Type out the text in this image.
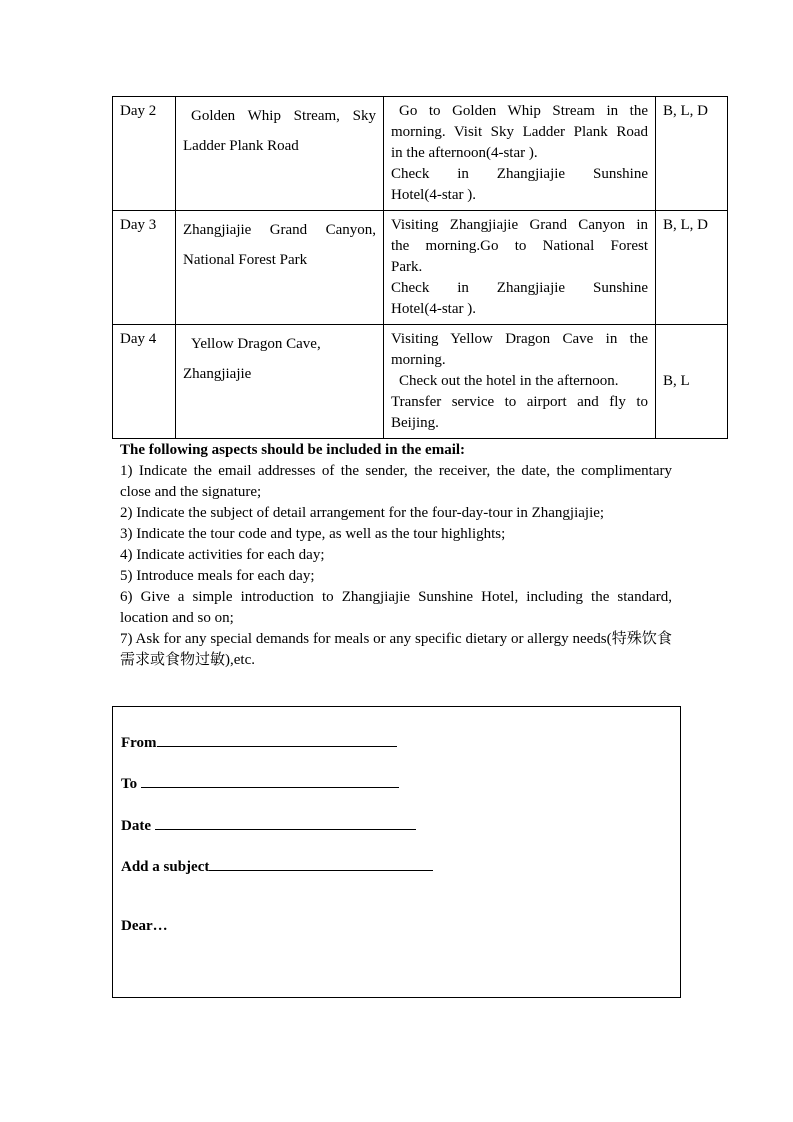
Day 2	Golden Whip Stream, Sky
Ladder Plank Road	Go to Golden Whip Stream in the
morning. Visit Sky Ladder Plank Road
in the afternoon(4-star ).
Check in Zhangjiajie Sunshine
Hotel(4-star ).	B, L, D
Day 3	Zhangjiajie Grand Canyon,
National Forest Park	Visiting Zhangjiajie Grand Canyon in
the morning.Go to National Forest
Park.
Check in Zhangjiajie Sunshine
Hotel(4-star ).	B, L, D
Day 4	Yellow Dragon Cave,
Zhangjiajie	Visiting Yellow Dragon Cave in the
morning.
Check out the hotel in the afternoon.
Transfer service to airport and fly to
Beijing.	B, L
The following aspects should be included in the email:
1) Indicate the email addresses of the sender, the receiver, the date, the complimentary close and the signature;
2) Indicate the subject of detail arrangement for the four-day-tour in Zhangjiajie;
3) Indicate the tour code and type, as well as the tour highlights;
4) Indicate activities for each day;
5) Introduce meals for each day;
6) Give a simple introduction to Zhangjiajie Sunshine Hotel, including the standard, location and so on;
7) Ask for any special demands for meals or any specific dietary or allergy needs(特殊饮食需求或食物过敏),etc.
From
To
Date
Add a subject
Dear…
